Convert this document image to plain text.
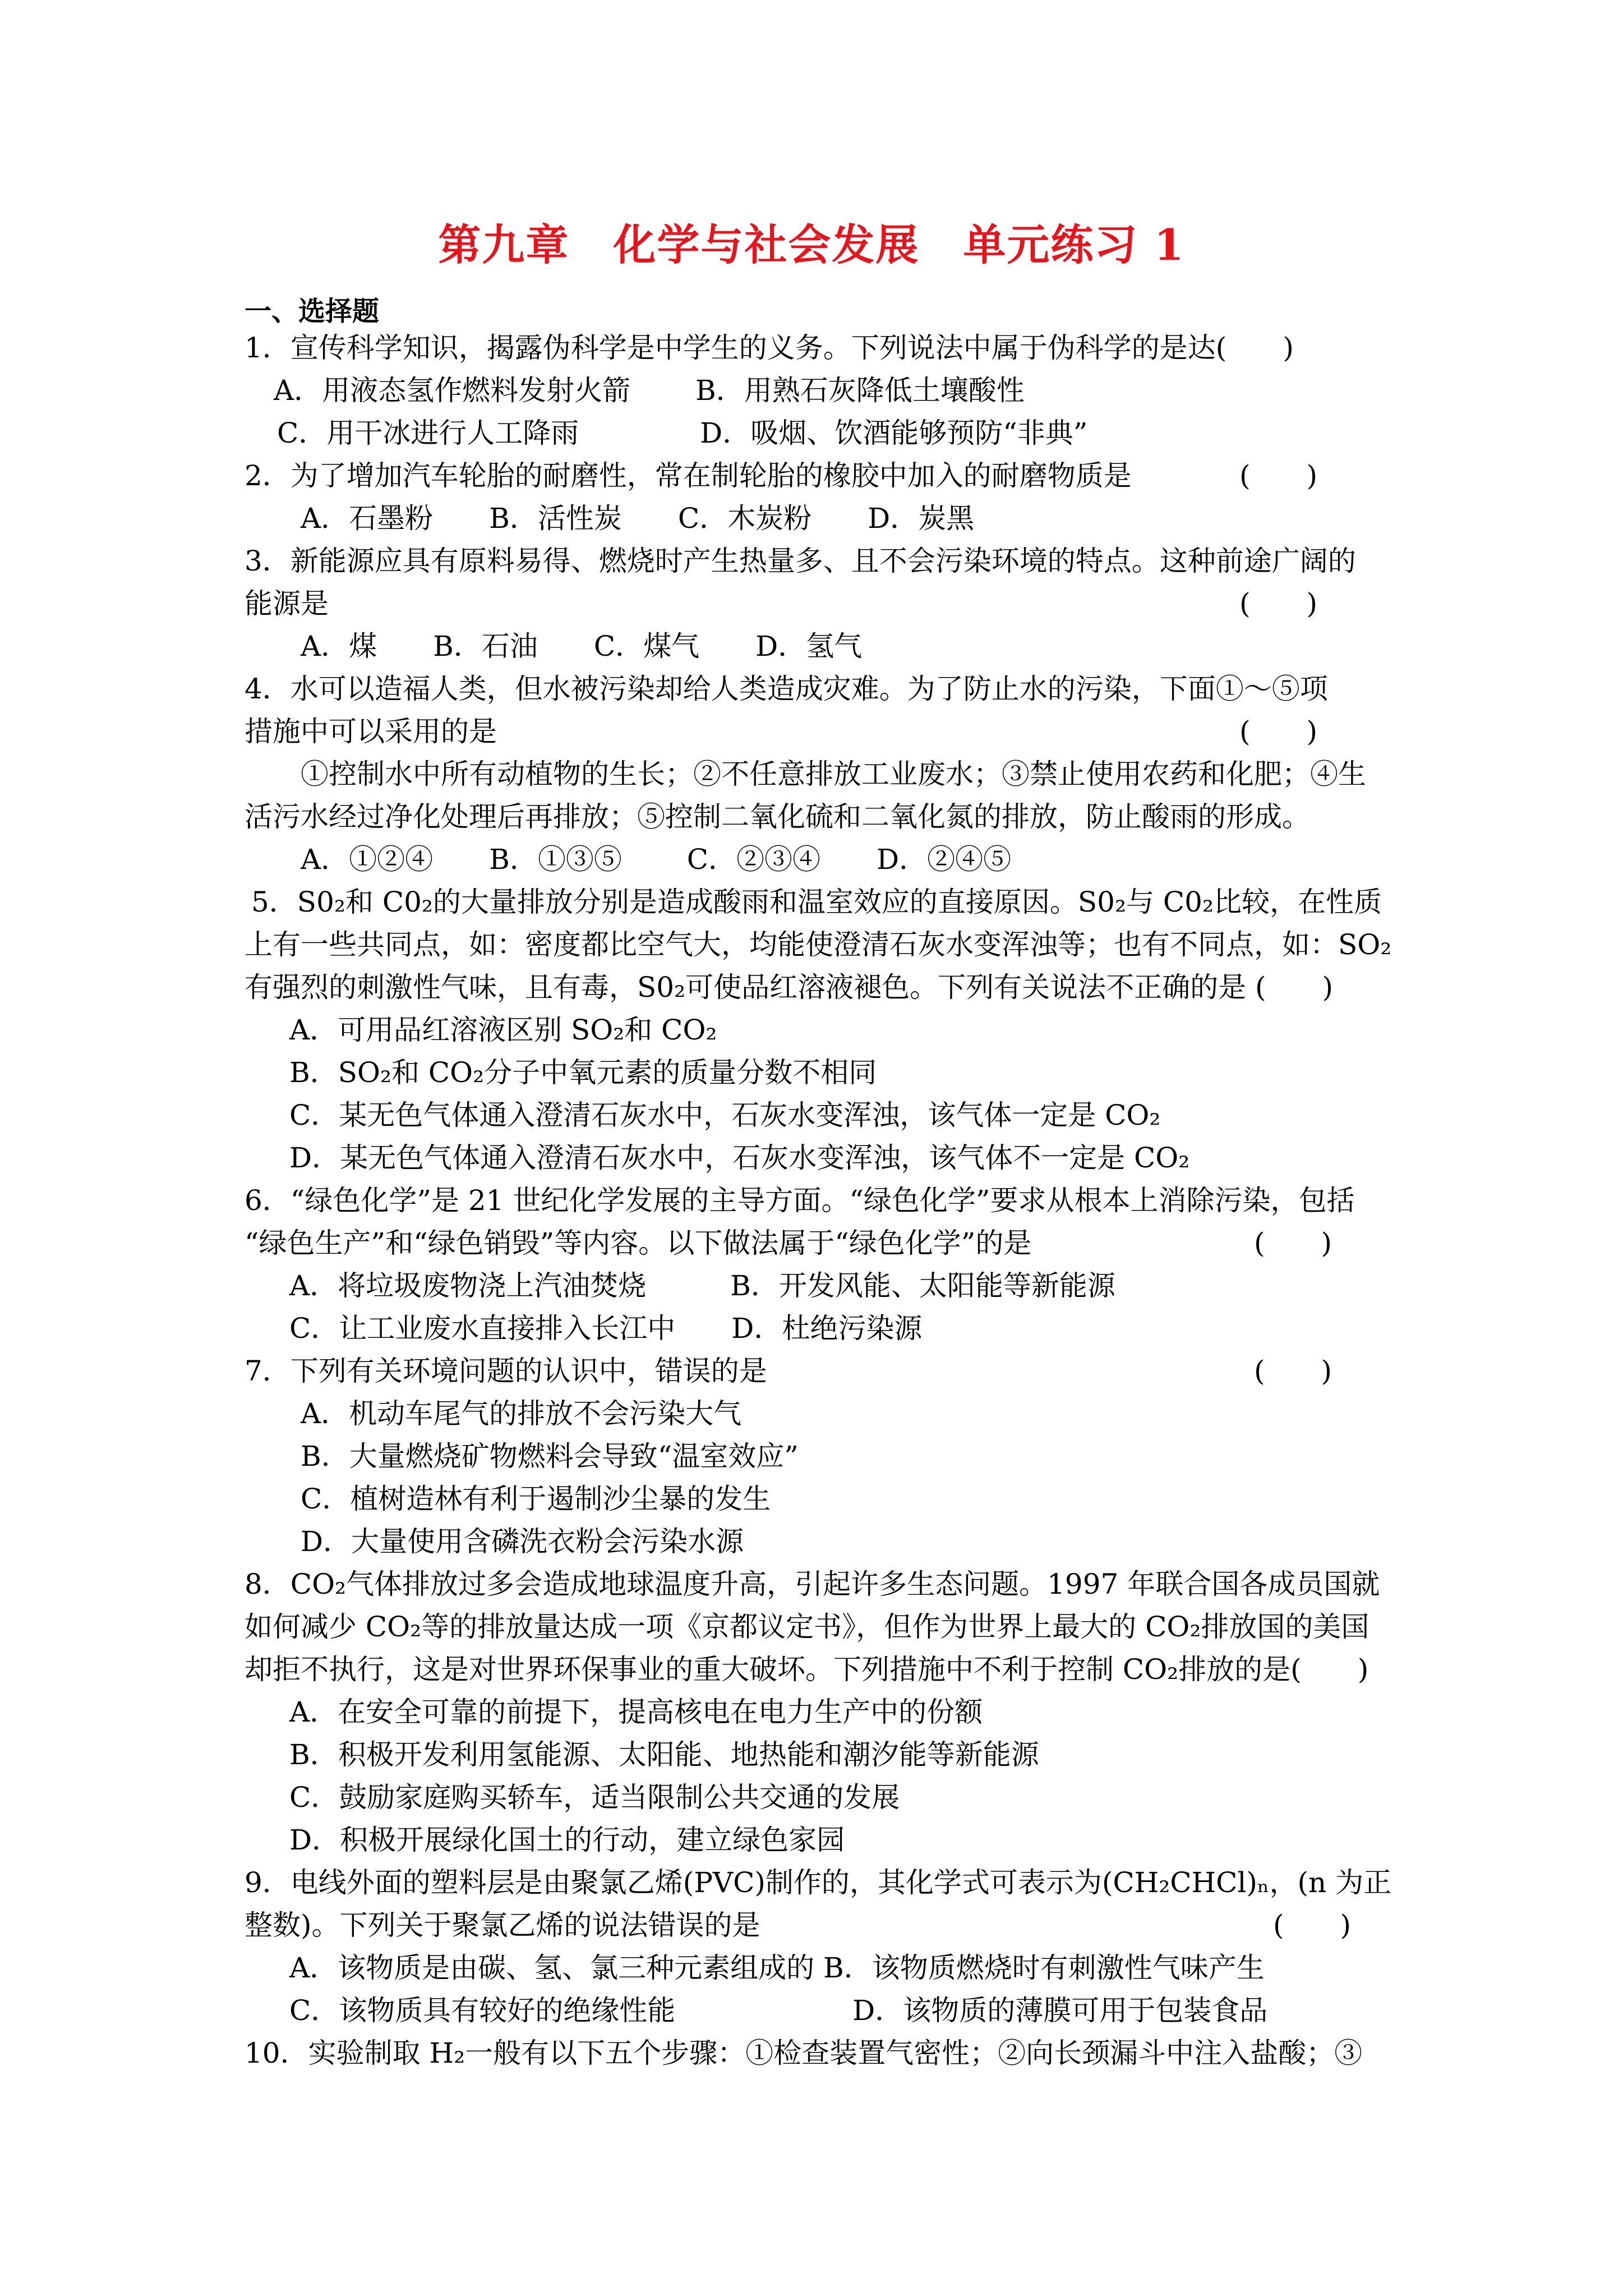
第九章　化学与社会发展　单元练习 1
一、选择题
1．宣传科学知识，揭露伪科学是中学生的义务。下列说法中属于伪科学的是达(　　)
A．用液态氢作燃料发射火箭　　 B．用熟石灰降低土壤酸性
C．用干冰进行人工降雨　　　　 D．吸烟、饮酒能够预防“非典”
2．为了增加汽车轮胎的耐磨性，常在制轮胎的橡胶中加入的耐磨物质是	(　　)
A．石墨粉　　B．活性炭　　C．木炭粉　　D．炭黑
3．新能源应具有原料易得、燃烧时产生热量多、且不会污染环境的特点。这种前途广阔的
能源是	(　　)
A．煤　　B．石油　　C．煤气　　D．氢气
4．水可以造福人类，但水被污染却给人类造成灾难。为了防止水的污染，下面①～⑤项
措施中可以采用的是	(　　)
①控制水中所有动植物的生长；②不任意排放工业废水；③禁止使用农药和化肥；④生
活污水经过净化处理后再排放；⑤控制二氧化硫和二氧化氮的排放，防止酸雨的形成。
A．①②④　　B．①③⑤　　 C．②③④　　D．②④⑤
5．S0₂和 C0₂的大量排放分别是造成酸雨和温室效应的直接原因。S0₂与 C0₂比较，在性质
上有一些共同点，如：密度都比空气大，均能使澄清石灰水变浑浊等；也有不同点，如：SO₂
有强烈的刺激性气味，且有毒，S0₂可使品红溶液褪色。下列有关说法不正确的是 (　　)
A．可用品红溶液区别 SO₂和 CO₂
B．SO₂和 CO₂分子中氧元素的质量分数不相同
C．某无色气体通入澄清石灰水中，石灰水变浑浊，该气体一定是 CO₂
D．某无色气体通入澄清石灰水中，石灰水变浑浊，该气体不一定是 CO₂
6．“绿色化学”是 21 世纪化学发展的主导方面。“绿色化学”要求从根本上消除污染，包括
“绿色生产”和“绿色销毁”等内容。以下做法属于“绿色化学”的是	(　　)
A．将垃圾废物浇上汽油焚烧　　　B．开发风能、太阳能等新能源
C．让工业废水直接排入长江中　　D．杜绝污染源
7．下列有关环境问题的认识中，错误的是	(　　)
A．机动车尾气的排放不会污染大气
B．大量燃烧矿物燃料会导致“温室效应”
C．植树造林有利于遏制沙尘暴的发生
D．大量使用含磷洗衣粉会污染水源
8．CO₂气体排放过多会造成地球温度升高，引起许多生态问题。1997 年联合国各成员国就
如何减少 CO₂等的排放量达成一项《京都议定书》，但作为世界上最大的 CO₂排放国的美国
却拒不执行，这是对世界环保事业的重大破坏。下列措施中不利于控制 CO₂排放的是(　　)
A．在安全可靠的前提下，提高核电在电力生产中的份额
B．积极开发利用氢能源、太阳能、地热能和潮汐能等新能源
C．鼓励家庭购买轿车，适当限制公共交通的发展
D．积极开展绿化国土的行动，建立绿色家园
9．电线外面的塑料层是由聚氯乙烯(PVC)制作的，其化学式可表示为(CH₂CHCl)ₙ，(n 为正
整数)。下列关于聚氯乙烯的说法错误的是	(　　)
A．该物质是由碳、氢、氯三种元素组成的 B．该物质燃烧时有刺激性气味产生
C．该物质具有较好的绝缘性能　　　　　　 D．该物质的薄膜可用于包装食品
10．实验制取 H₂一般有以下五个步骤：①检查装置气密性；②向长颈漏斗中注入盐酸；③
